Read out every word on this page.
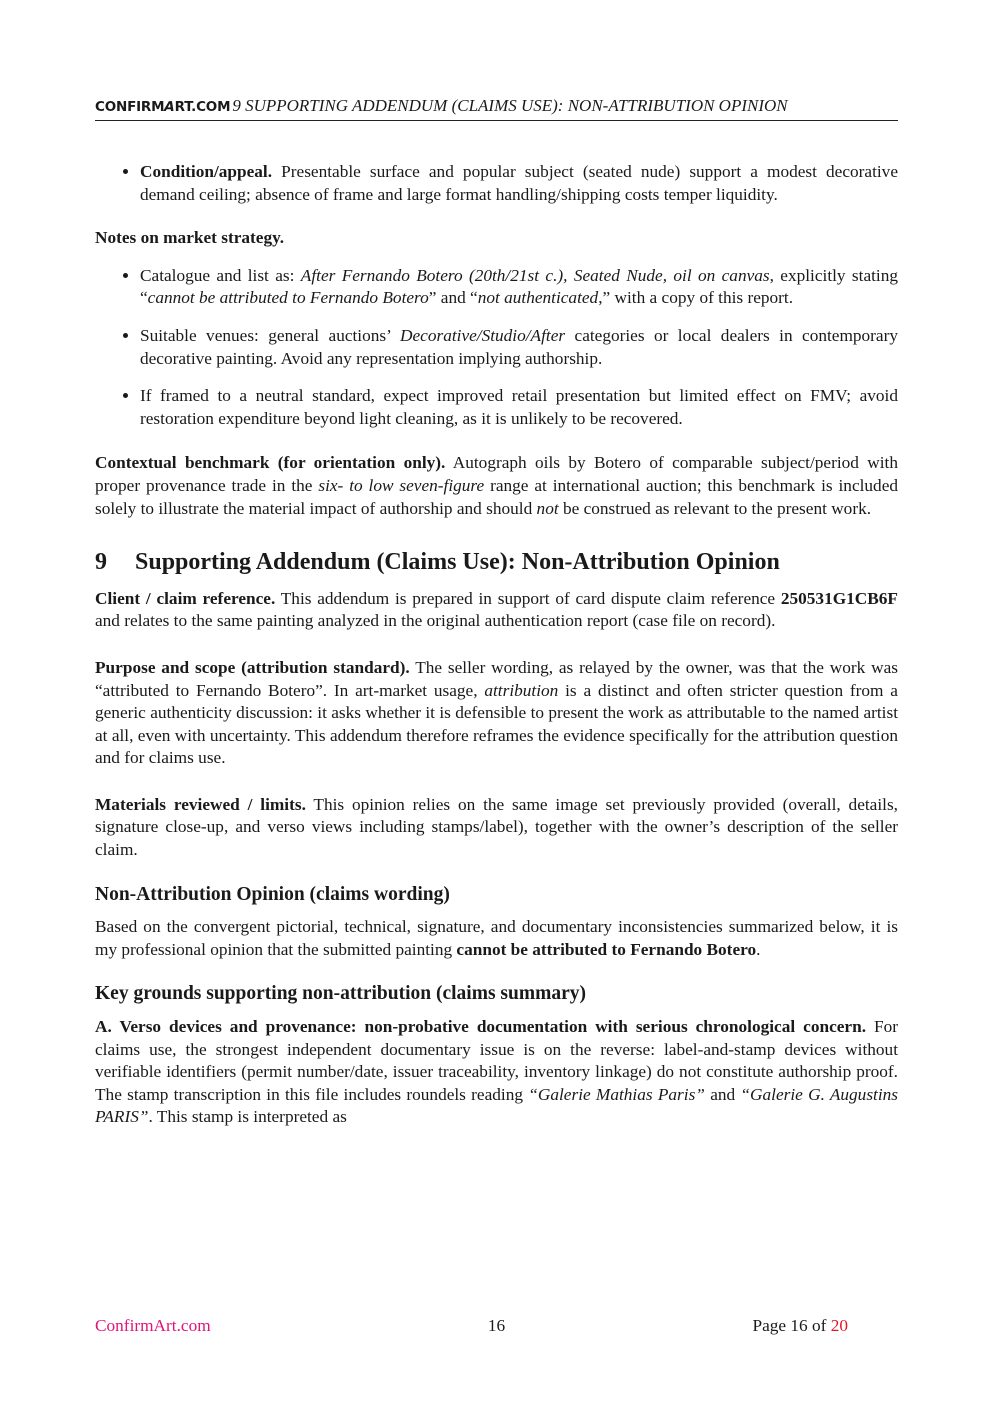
CONFIRMART.COM 9 SUPPORTING ADDENDUM (CLAIMS USE): NON-ATTRIBUTION OPINION
• Condition/appeal. Presentable surface and popular subject (seated nude) support a modest decorative demand ceiling; absence of frame and large format handling/shipping costs temper liquidity.

Notes on market strategy.

• Catalogue and list as: After Fernando Botero (20th/21st c.), Seated Nude, oil on canvas, explicitly stating “cannot be attributed to Fernando Botero” and “not authenticated,” with a copy of this report.
• Suitable venues: general auctions’ Decorative/Studio/After categories or local dealers in contemporary decorative painting. Avoid any representation implying authorship.
• If framed to a neutral standard, expect improved retail presentation but limited effect on FMV; avoid restoration expenditure beyond light cleaning, as it is unlikely to be recovered.

Contextual benchmark (for orientation only). Autograph oils by Botero of comparable subject/period with proper provenance trade in the six- to low seven-figure range at international auction; this benchmark is included solely to illustrate the material impact of authorship and should not be construed as relevant to the present work.

9 Supporting Addendum (Claims Use): Non-Attribution Opinion

Client / claim reference. This addendum is prepared in support of card dispute claim reference 250531G1CB6F and relates to the same painting analyzed in the original authentication report (case file on record).

Purpose and scope (attribution standard). The seller wording, as relayed by the owner, was that the work was “attributed to Fernando Botero”. In art-market usage, attribution is a distinct and often stricter question from a generic authenticity discussion: it asks whether it is defensible to present the work as attributable to the named artist at all, even with uncertainty. This addendum therefore reframes the evidence specifically for the attribution question and for claims use.

Materials reviewed / limits. This opinion relies on the same image set previously provided (overall, details, signature close-up, and verso views including stamps/label), together with the owner’s description of the seller claim.

Non-Attribution Opinion (claims wording)

Based on the convergent pictorial, technical, signature, and documentary inconsistencies summarized below, it is my professional opinion that the submitted painting cannot be attributed to Fernando Botero.

Key grounds supporting non-attribution (claims summary)

A. Verso devices and provenance: non-probative documentation with serious chronological concern. For claims use, the strongest independent documentary issue is on the reverse: label-and-stamp devices without verifiable identifiers (permit number/date, issuer traceability, inventory linkage) do not constitute authorship proof. The stamp transcription in this file includes roundels reading “Galerie Mathias Paris” and “Galerie G. Augustins PARIS”. This stamp is interpreted as

ConfirmArt.com	16	Page 16 of 20
